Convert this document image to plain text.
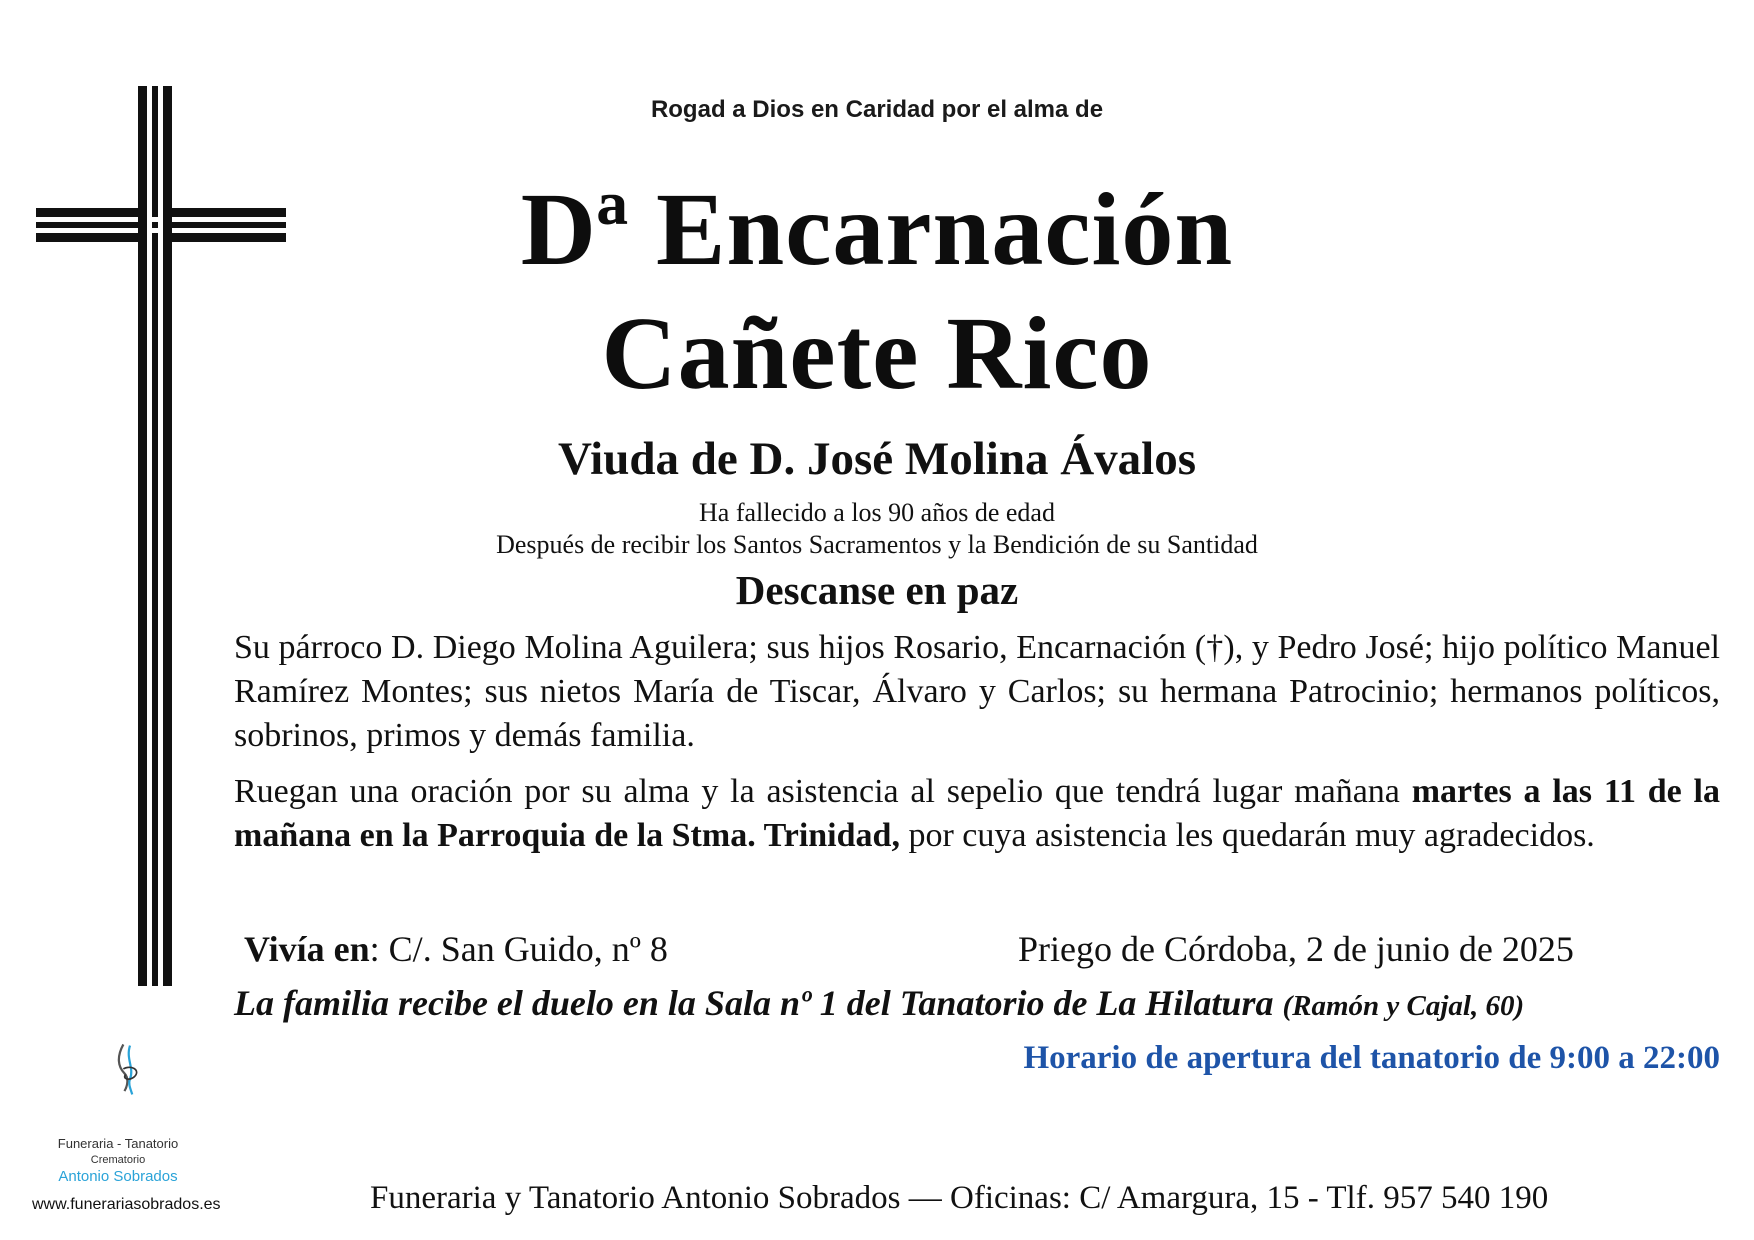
Rogad a Dios en Caridad por el alma de
Dª Encarnación
Cañete Rico
Viuda de D. José Molina Ávalos
Ha fallecido a los 90 años de edad
Después de recibir los Santos Sacramentos y la Bendición de su Santidad
Descanse en paz
Su párroco D. Diego Molina Aguilera; sus hijos Rosario, Encarnación (†), y Pedro José; hijo político Manuel Ramírez Montes; sus nietos María de Tiscar, Álvaro y Carlos; su hermana Patrocinio; hermanos políticos, sobrinos, primos y demás familia.
Ruegan una oración por su alma y la asistencia al sepelio que tendrá lugar mañana martes a las 11 de la mañana en la Parroquia de la Stma. Trinidad, por cuya asistencia les quedarán muy agradecidos.
Vivía en: C/. San Guido, nº 8	Priego de Córdoba, 2 de junio de 2025
La familia recibe el duelo en la Sala nº 1 del Tanatorio de La Hilatura (Ramón y Cajal, 60)
Horario de apertura del tanatorio de 9:00 a 22:00
Funeraria - Tanatorio
Crematorio
Antonio Sobrados
www.funerariasobrados.es	Funeraria y Tanatorio Antonio Sobrados — Oficinas: C/ Amargura, 15 - Tlf. 957 540 190
